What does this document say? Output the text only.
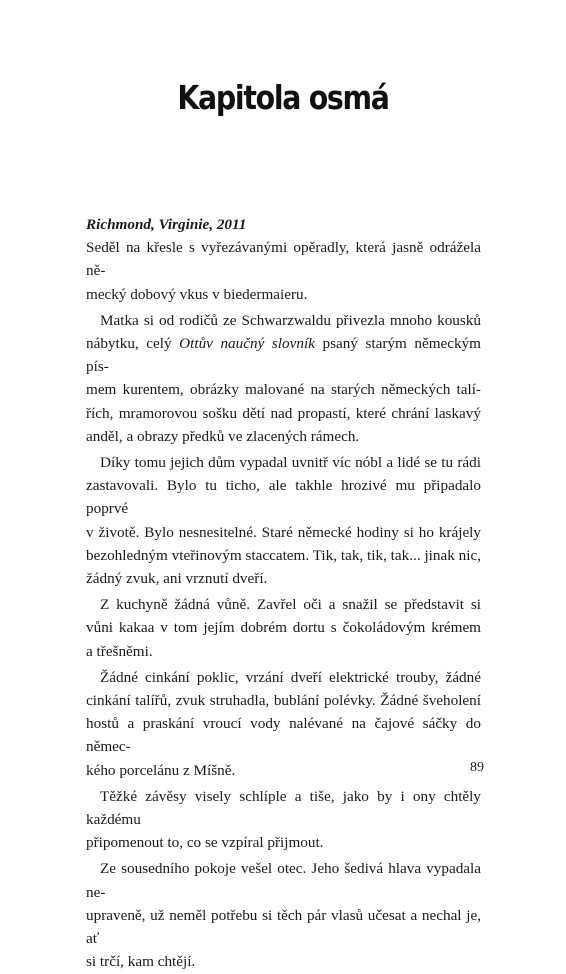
Kapitola osmá
Richmond, Virginie, 2011

Seděl na křesle s vyřezávanými opěradly, která jasně odrážela ně-
mecký dobový vkus v biedermaieru.

Matka si od rodičů ze Schwarzwaldu přivezla mnoho kousků
nábytku, celý Ottův naučný slovník psaný starým německým pís-
mem kurentem, obrázky malované na starých německých talí-
řích, mramorovou sošku dětí nad propastí, které chrání laskavý
anděl, a obrazy předků ve zlacených rámech.

Díky tomu jejich dům vypadal uvnitř víc nóbl a lidé se tu rádi
zastavovali. Bylo tu ticho, ale takhle hrozivé mu připadalo poprvé
v životě. Bylo nesnesitelné. Staré německé hodiny si ho krájely
bezohledným vteřinovým staccatem. Tik, tak, tik, tak... jinak nic,
žádný zvuk, ani vrznutí dveří.

Z kuchyně žádná vůně. Zavřel oči a snažil se představit si
vůni kakaa v tom jejím dobrém dortu s čokoládovým krémem
a třešněmi.

Žádné cinkání poklic, vrzání dveří elektrické trouby, žádné
cinkání talířů, zvuk struhadla, bublání polévky. Žádné šveholení
hostů a praskání vroucí vody nalévané na čajové sáčky do němec-
kého porcelánu z Míšně.

Těžké závěsy visely schlíple a tiše, jako by i ony chtěly každému
připomenout to, co se vzpíral přijmout.

Ze sousedního pokoje vešel otec. Jeho šedivá hlava vypadala ne-
upraveně, už neměl potřebu si těch pár vlasů učesat a nechal je, ať
si trčí, kam chtějí.

89
